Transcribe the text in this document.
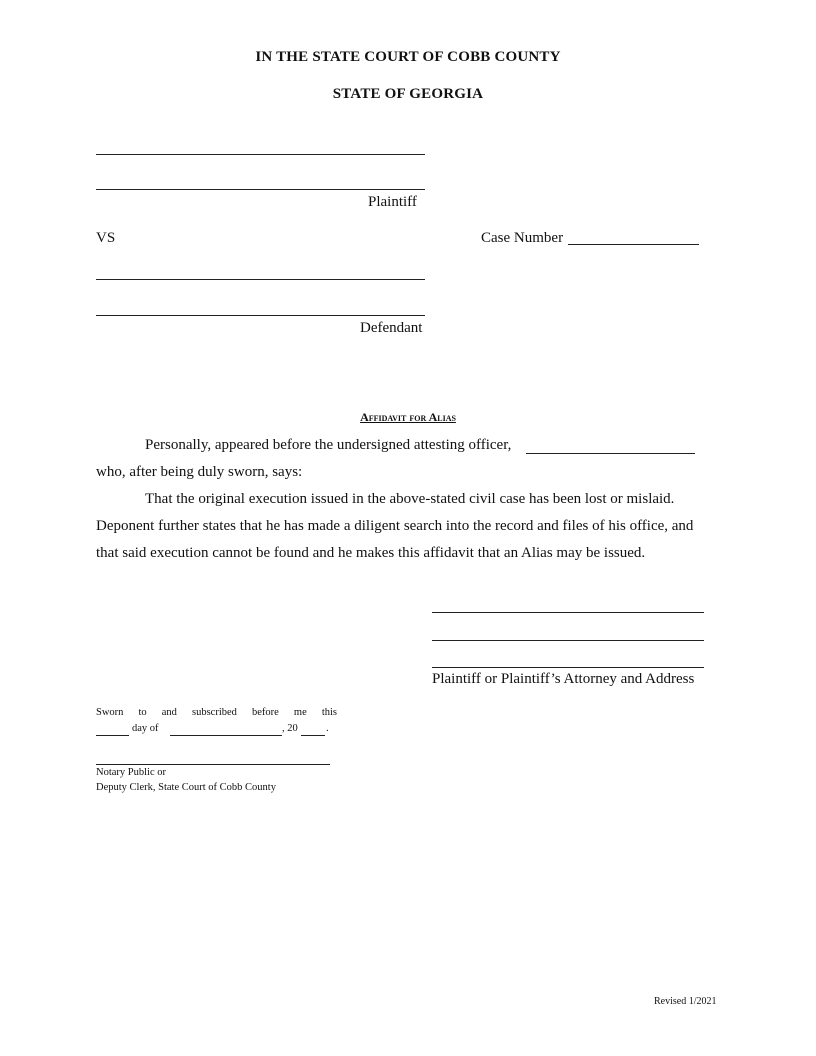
IN THE STATE COURT OF COBB COUNTY
STATE OF GEORGIA
Plaintiff
VS	Case Number
Defendant
Affidavit for Alias
Personally, appeared before the undersigned attesting officer,
who, after being duly sworn, says:
That the original execution issued in the above-stated civil case has been lost or mislaid.
Deponent further states that he has made a diligent search into the record and files of his office, and
that said execution cannot be found and he makes this affidavit that an Alias may be issued.
Plaintiff or Plaintiff’s Attorney and Address
Sworn to and subscribed before me this
day of	, 20	.
Notary Public or
Deputy Clerk, State Court of Cobb County
Revised 1/2021
